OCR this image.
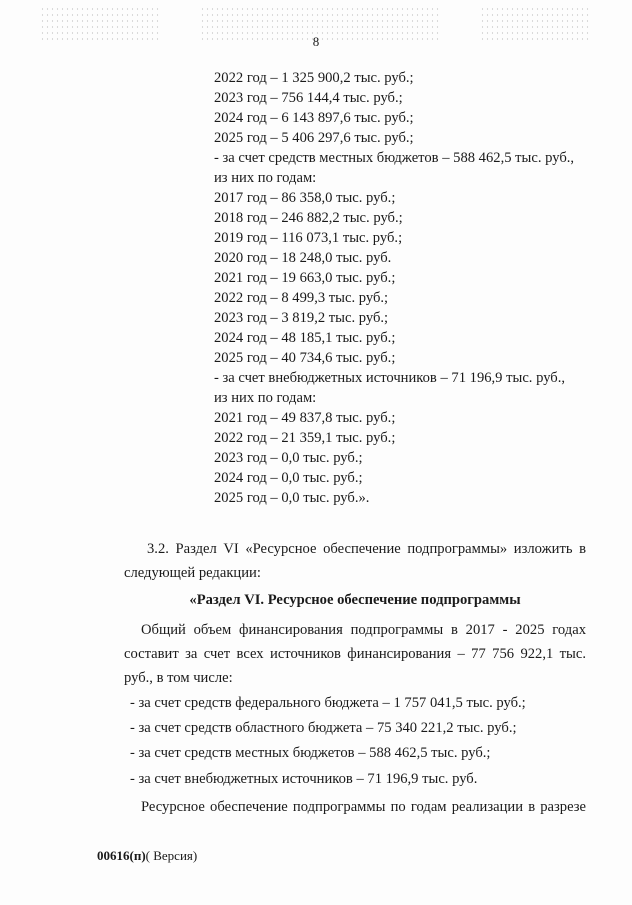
8
2022 год – 1 325 900,2 тыс. руб.;
2023 год – 756 144,4 тыс. руб.;
2024 год – 6 143 897,6 тыс. руб.;
2025 год – 5 406 297,6 тыс. руб.;
- за счет средств местных бюджетов – 588 462,5 тыс. руб.,
из них по годам:
2017 год – 86 358,0 тыс. руб.;
2018 год – 246 882,2 тыс. руб.;
2019 год – 116 073,1 тыс. руб.;
2020 год – 18 248,0 тыс. руб.
2021 год – 19 663,0 тыс. руб.;
2022 год – 8 499,3 тыс. руб.;
2023 год – 3 819,2 тыс. руб.;
2024 год – 48 185,1 тыс. руб.;
2025 год – 40 734,6 тыс. руб.;
- за счет внебюджетных источников – 71 196,9 тыс. руб.,
из них по годам:
2021 год – 49 837,8 тыс. руб.;
2022 год – 21 359,1 тыс. руб.;
2023 год – 0,0 тыс. руб.;
2024 год – 0,0 тыс. руб.;
2025 год – 0,0 тыс. руб.».
3.2. Раздел VI «Ресурсное обеспечение подпрограммы» изложить в следующей редакции:
«Раздел VI. Ресурсное обеспечение подпрограммы
Общий объем финансирования подпрограммы в 2017 - 2025 годах составит за счет всех источников финансирования – 77 756 922,1 тыс. руб., в том числе:
- за счет средств федерального бюджета – 1 757 041,5 тыс. руб.;
- за счет средств областного бюджета – 75 340 221,2 тыс. руб.;
- за счет средств местных бюджетов – 588 462,5 тыс. руб.;
- за счет внебюджетных источников – 71 196,9 тыс. руб.
Ресурсное обеспечение подпрограммы по годам реализации в разрезе
00616(п)( Версия)
